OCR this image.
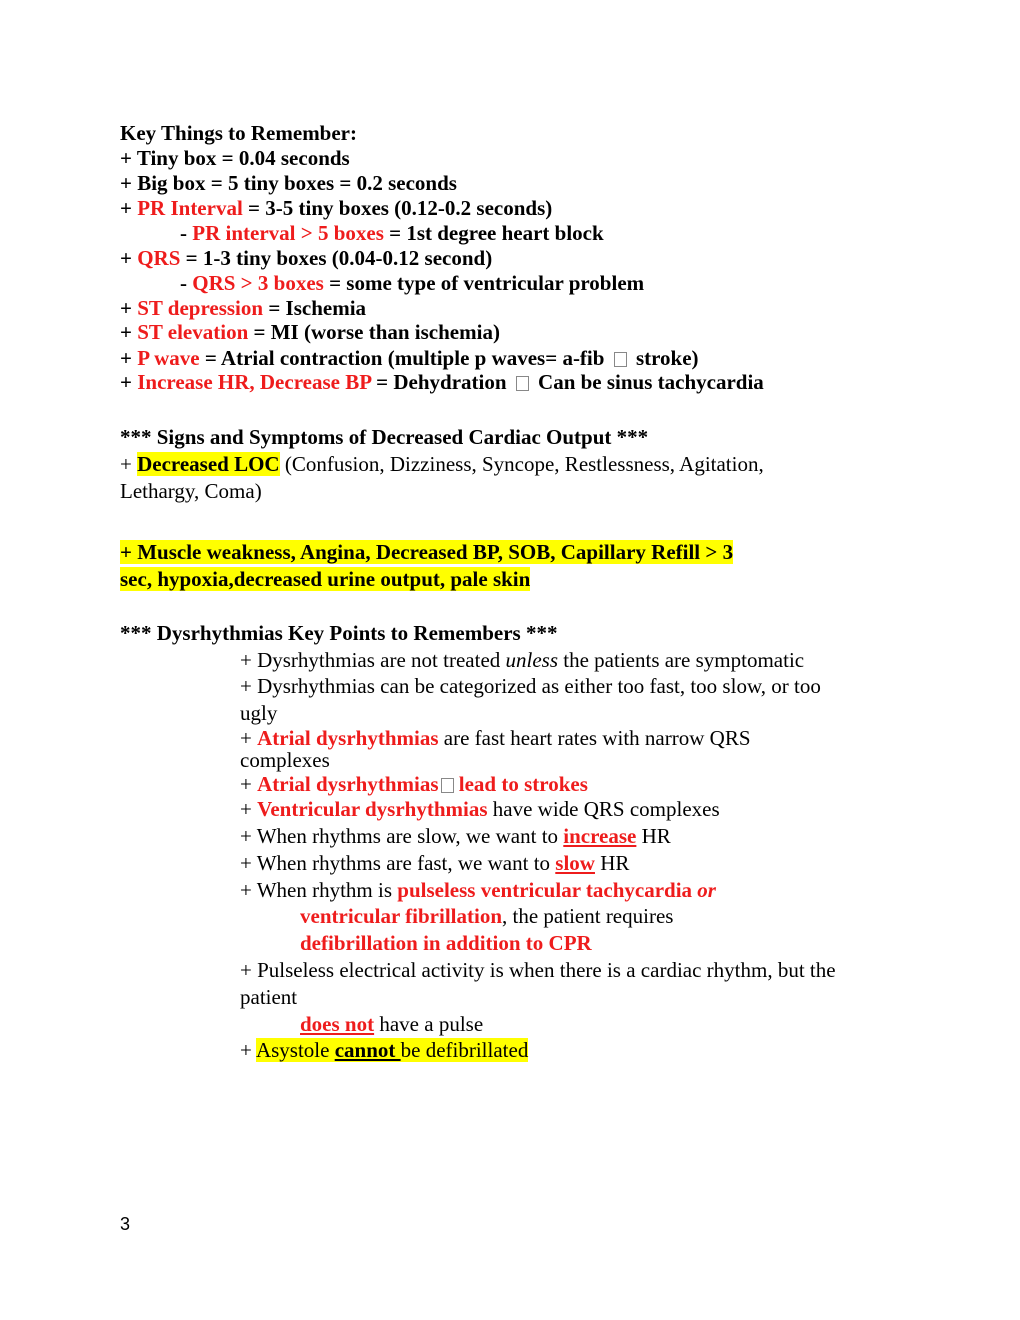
Key Things to Remember:
+ Tiny box = 0.04 seconds
+ Big box = 5 tiny boxes = 0.2 seconds
+ PR Interval = 3-5 tiny boxes (0.12-0.2 seconds)
- PR interval > 5 boxes = 1st degree heart block
+ QRS = 1-3 tiny boxes (0.04-0.12 second)
- QRS > 3 boxes = some type of ventricular problem
+ ST depression = Ischemia
+ ST elevation = MI (worse than ischemia)
+ P wave = Atrial contraction (multiple p waves= a-fib  stroke)
+ Increase HR, Decrease BP = Dehydration  Can be sinus tachycardia
*** Signs and Symptoms of Decreased Cardiac Output ***
+ Decreased LOC (Confusion, Dizziness, Syncope, Restlessness, Agitation,
Lethargy, Coma)
+ Muscle weakness, Angina, Decreased BP, SOB, Capillary Refill > 3
sec, hypoxia,decreased urine output, pale skin
*** Dysrhythmias Key Points to Remembers ***
+ Dysrhythmias are not treated unless the patients are symptomatic
+ Dysrhythmias can be categorized as either too fast, too slow, or too
ugly
+ Atrial dysrhythmias are fast heart rates with narrow QRS
complexes
+ Atrial dysrhythmias lead to strokes
+ Ventricular dysrhythmias have wide QRS complexes
+ When rhythms are slow, we want to increase HR
+ When rhythms are fast, we want to slow HR
+ When rhythm is pulseless ventricular tachycardia or
ventricular fibrillation, the patient requires
defibrillation in addition to CPR
+ Pulseless electrical activity is when there is a cardiac rhythm, but the
patient
does not have a pulse
+ Asystole cannot be defibrillated
3
